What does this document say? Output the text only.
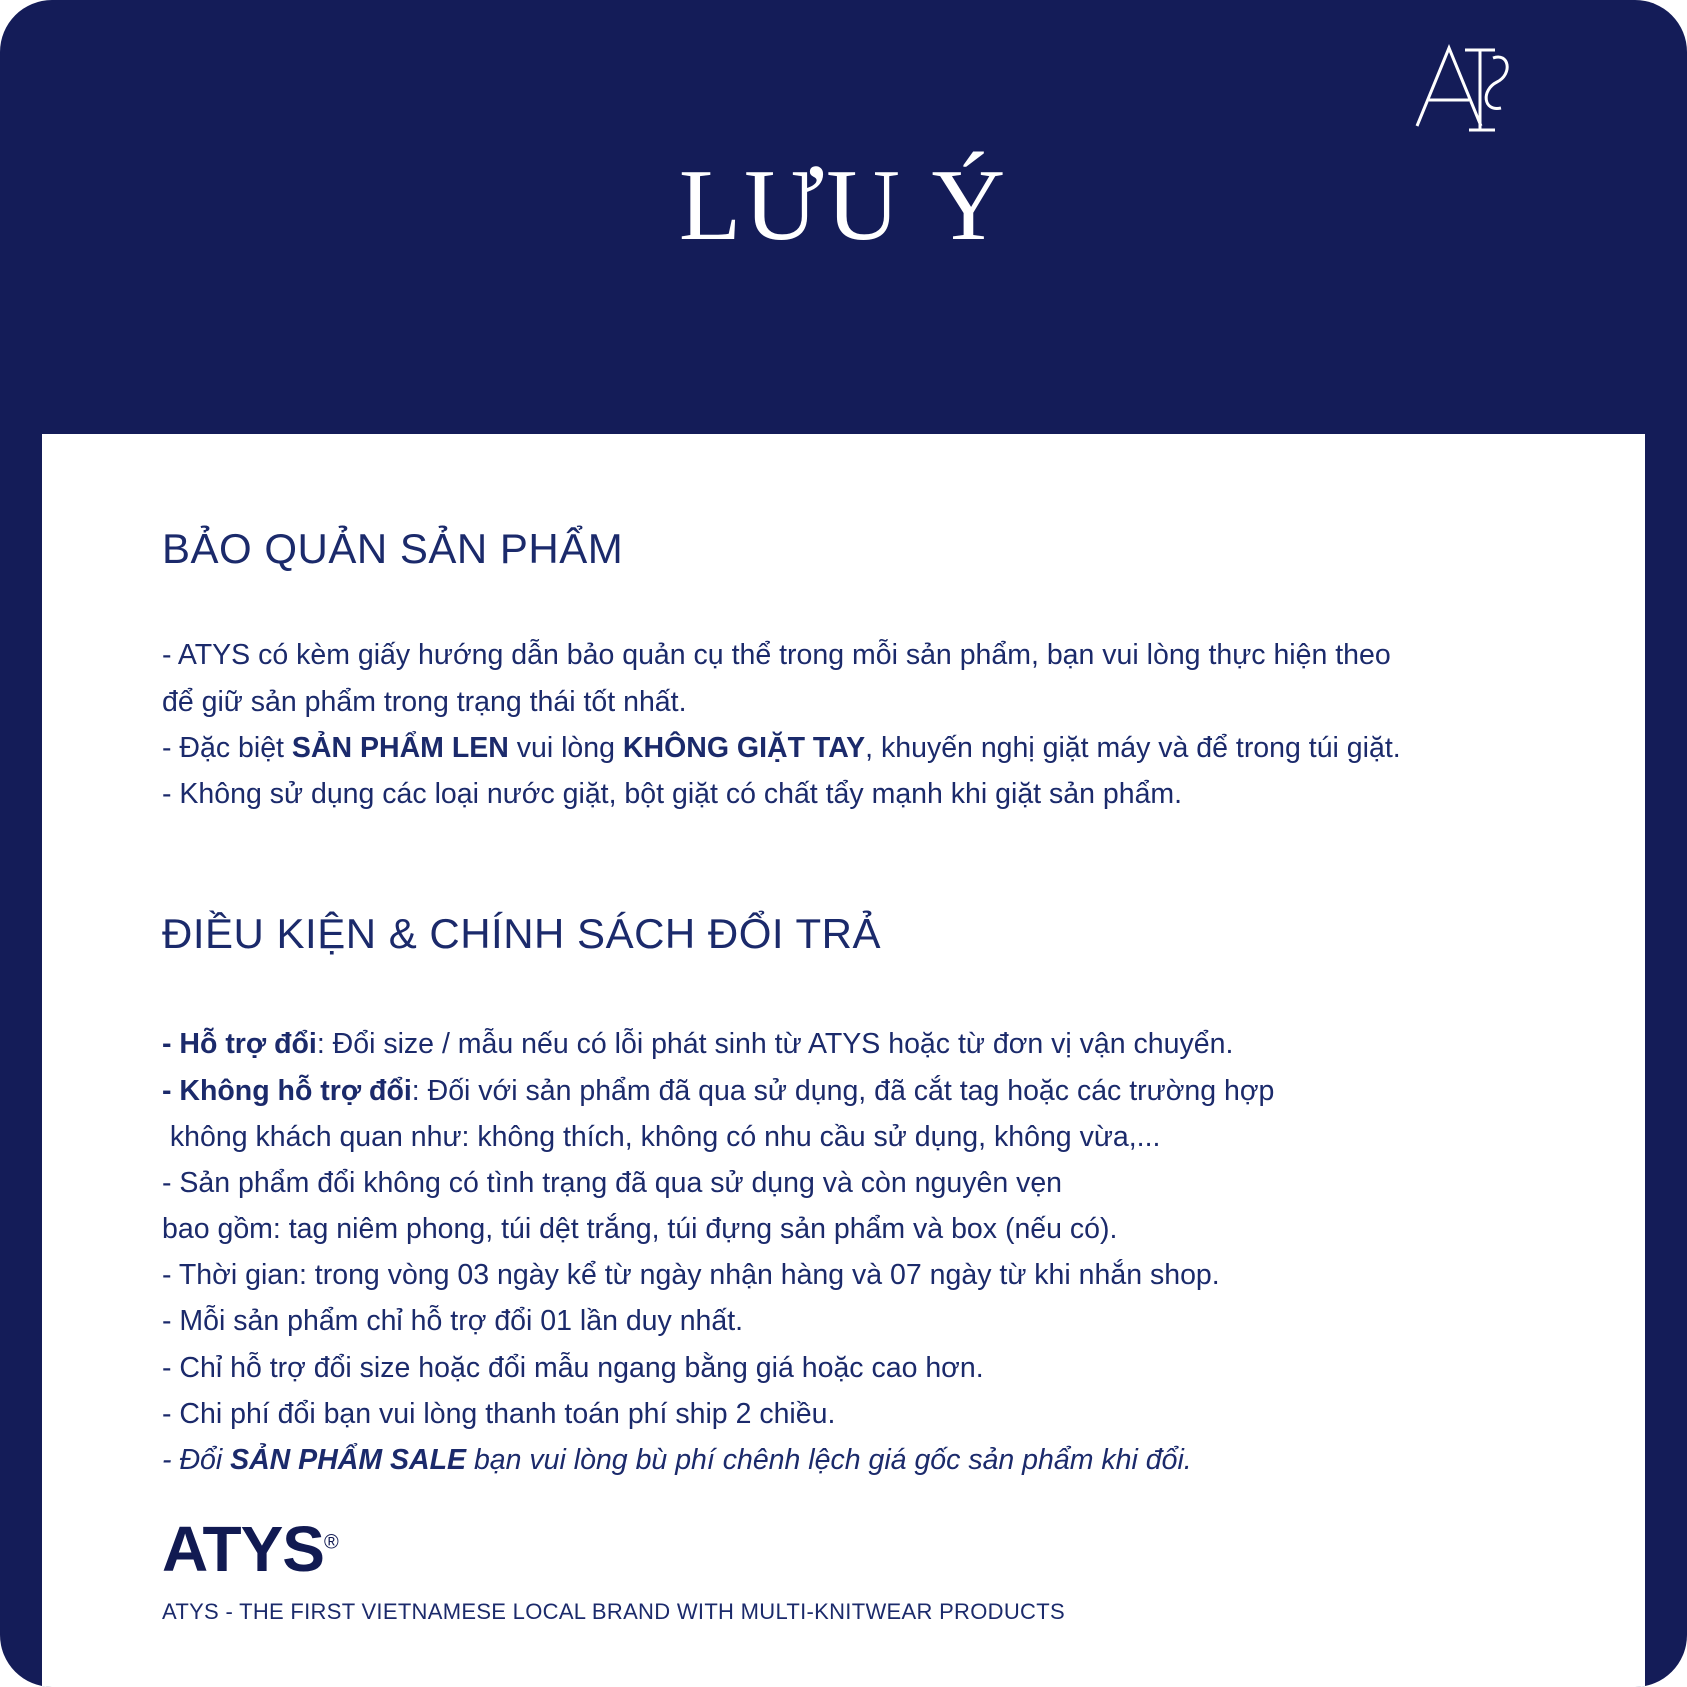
LƯU Ý
BẢO QUẢN SẢN PHẨM

- ATYS có kèm giấy hướng dẫn bảo quản cụ thể trong mỗi sản phẩm, bạn vui lòng thực hiện theo
để giữ sản phẩm trong trạng thái tốt nhất.

- Đặc biệt SẢN PHẨM LEN vui lòng KHÔNG GIẶT TAY, khuyến nghị giặt máy và để trong túi giặt.

- Không sử dụng các loại nước giặt, bột giặt có chất tẩy mạnh khi giặt sản phẩm.

ĐIỀU KIỆN & CHÍNH SÁCH ĐỔI TRẢ

- Hỗ trợ đổi: Đổi size / mẫu nếu có lỗi phát sinh từ ATYS hoặc từ đơn vị vận chuyển.

- Không hỗ trợ đổi: Đối với sản phẩm đã qua sử dụng, đã cắt tag hoặc các trường hợp
không khách quan như: không thích, không có nhu cầu sử dụng, không vừa,...

- Sản phẩm đổi không có tình trạng đã qua sử dụng và còn nguyên vẹn
bao gồm: tag niêm phong, túi dệt trắng, túi đựng sản phẩm và box (nếu có).

- Thời gian: trong vòng 03 ngày kể từ ngày nhận hàng và 07 ngày từ khi nhắn shop.

- Mỗi sản phẩm chỉ hỗ trợ đổi 01 lần duy nhất.

- Chỉ hỗ trợ đổi size hoặc đổi mẫu ngang bằng giá hoặc cao hơn.

- Chi phí đổi bạn vui lòng thanh toán phí ship 2 chiều.

- Đổi SẢN PHẨM SALE bạn vui lòng bù phí chênh lệch giá gốc sản phẩm khi đổi.

ATYS®
ATYS - THE FIRST VIETNAMESE LOCAL BRAND WITH MULTI-KNITWEAR PRODUCTS
